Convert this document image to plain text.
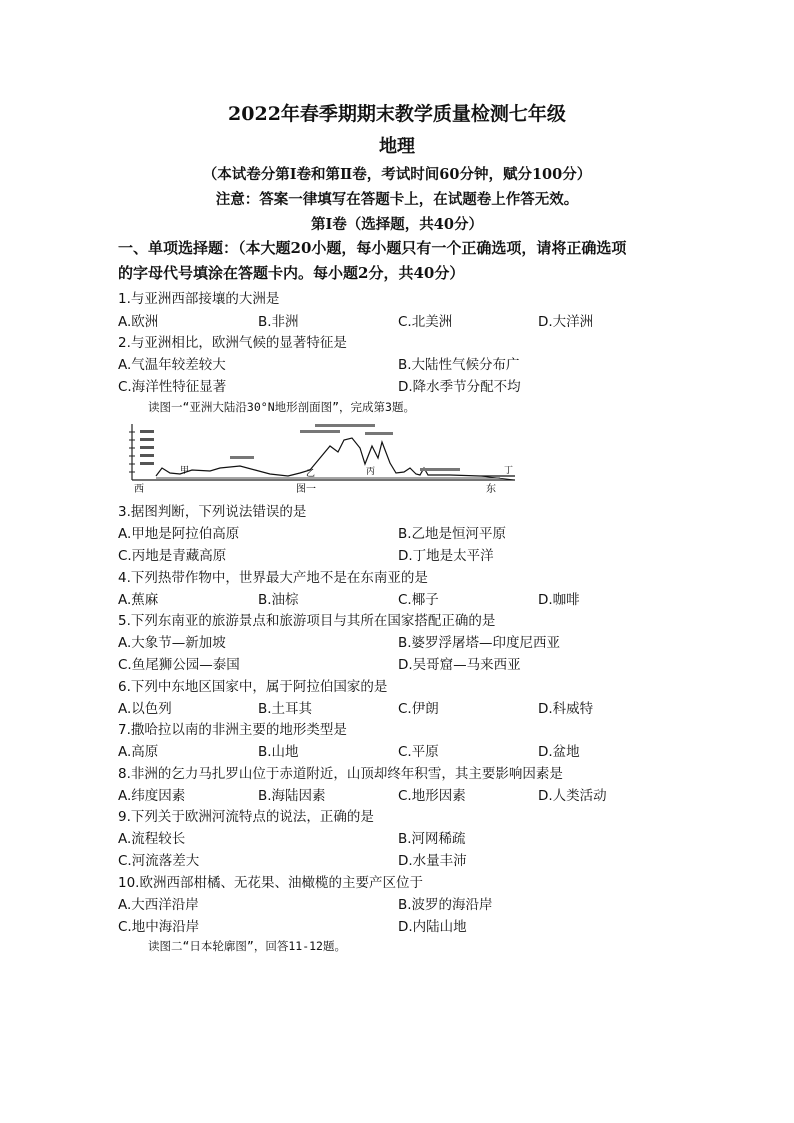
2022年春季期期末教学质量检测七年级
地理
（本试卷分第Ⅰ卷和第Ⅱ卷，考试时间60分钟，赋分100分）
注意：答案一律填写在答题卡上，在试题卷上作答无效。
第Ⅰ卷（选择题，共40分）
一、单项选择题：（本大题20小题，每小题只有一个正确选项，请将正确选项
的字母代号填涂在答题卡内。每小题2分，共40分）
1.与亚洲西部接壤的大洲是
A.欧洲	B.非洲	C.北美洲	D.大洋洲
2.与亚洲相比，欧洲气候的显著特征是
A.气温年较差较大	B.大陆性气候分布广
C.海洋性特征显著	D.降水季节分配不均
读图一“亚洲大陆沿30°N地形剖面图”，完成第3题。
甲	乙	丙	丁
西	东
图一
3.据图判断，下列说法错误的是
A.甲地是阿拉伯高原	B.乙地是恒河平原
C.丙地是青藏高原	D.丁地是太平洋
4.下列热带作物中，世界最大产地不是在东南亚的是
A.蕉麻	B.油棕	C.椰子	D.咖啡
5.下列东南亚的旅游景点和旅游项目与其所在国家搭配正确的是
A.大象节—新加坡	B.婆罗浮屠塔—印度尼西亚
C.鱼尾狮公园—泰国	D.吴哥窟—马来西亚
6.下列中东地区国家中，属于阿拉伯国家的是
A.以色列	B.土耳其	C.伊朗	D.科威特
7.撒哈拉以南的非洲主要的地形类型是
A.高原	B.山地	C.平原	D.盆地
8.非洲的乞力马扎罗山位于赤道附近，山顶却终年积雪，其主要影响因素是
A.纬度因素	B.海陆因素	C.地形因素	D.人类活动
9.下列关于欧洲河流特点的说法，正确的是
A.流程较长	B.河网稀疏
C.河流落差大	D.水量丰沛
10.欧洲西部柑橘、无花果、油橄榄的主要产区位于
A.大西洋沿岸	B.波罗的海沿岸
C.地中海沿岸	D.内陆山地
读图二“日本轮廓图”，回答11-12题。
